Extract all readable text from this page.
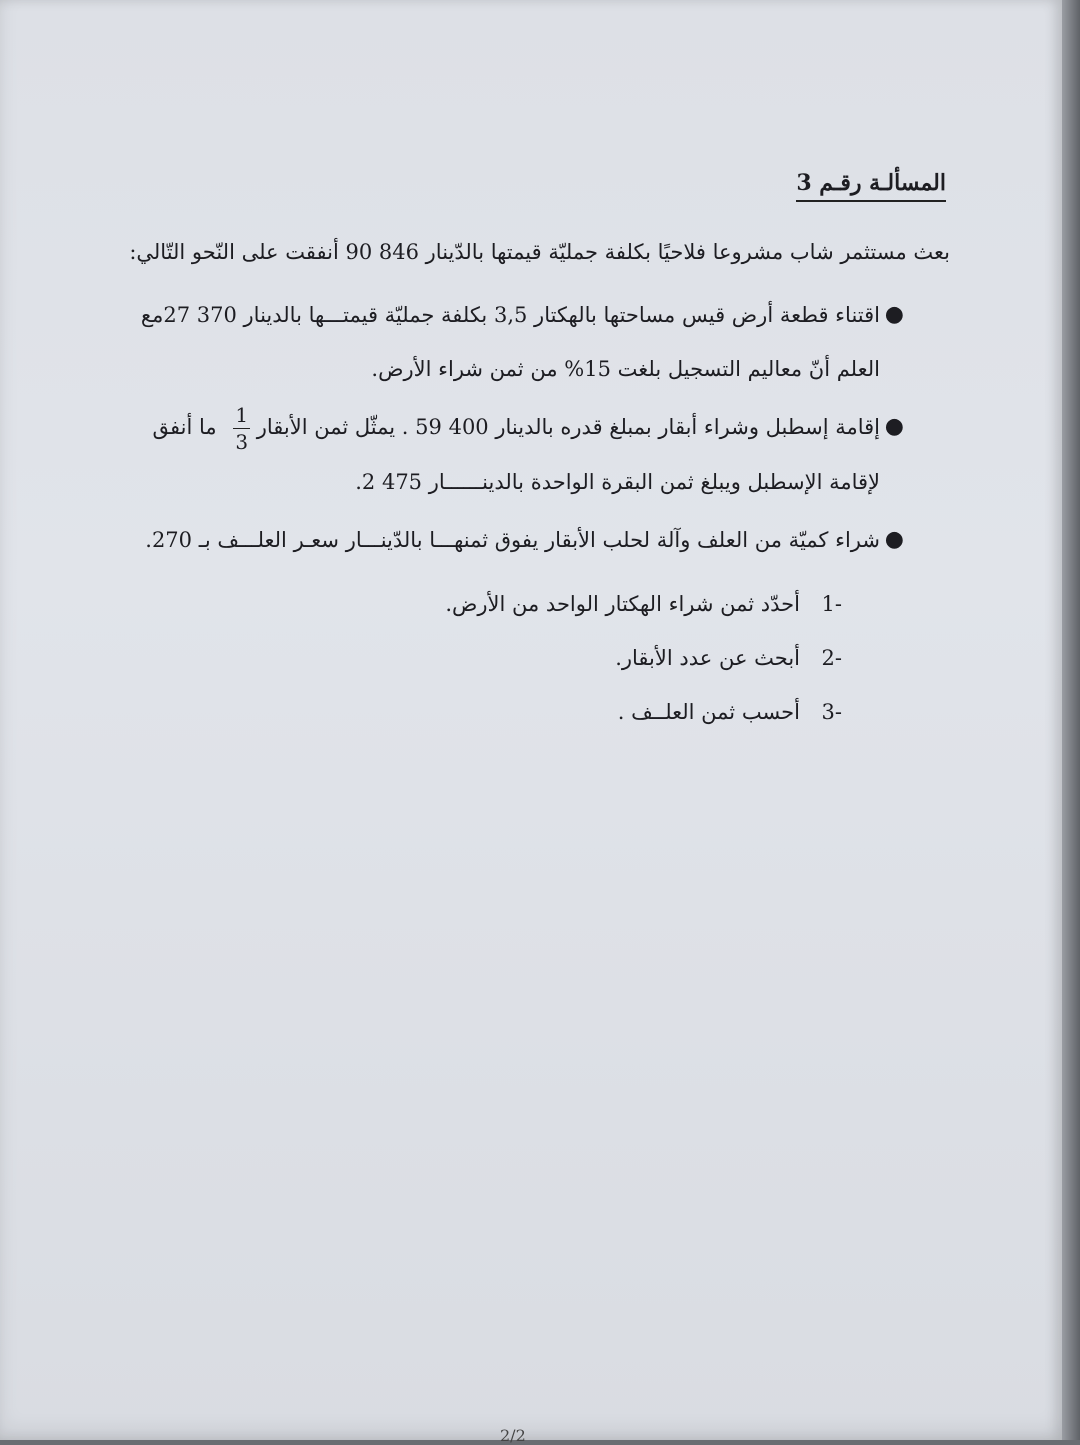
المسألـة رقـم 3
بعث مستثمر شاب مشروعا فلاحيًا بكلفة جمليّة قيمتها بالدّينار 846 90 أنفقت على النّحو التّالي:
●
اقتناء قطعة أرض قيس مساحتها بالهكتار 3,5 بكلفة جمليّة قيمتـــها بالدينار 370 27مع العلم أنّ معاليم التسجيل بلغت 15% من ثمن شراء الأرض.
●
إقامة إسطبل وشراء أبقار بمبلغ قدره بالدينار 400 59 . يمثّل ثمن الأبقار
$\frac{1}{3}$
ما أنفق لإقامة الإسطبل ويبلغ ثمن البقرة الواحدة بالدينــــــار 475 2.
●
شراء كميّة من العلف وآلة لحلب الأبقار يفوق ثمنهـــا بالدّينـــار سعـر العلـــف بـ 270.
1-
أحدّد ثمن شراء الهكتار الواحد من الأرض.
2-
أبحث عن عدد الأبقار.
3-
أحسب ثمن العلــف .
2/2
